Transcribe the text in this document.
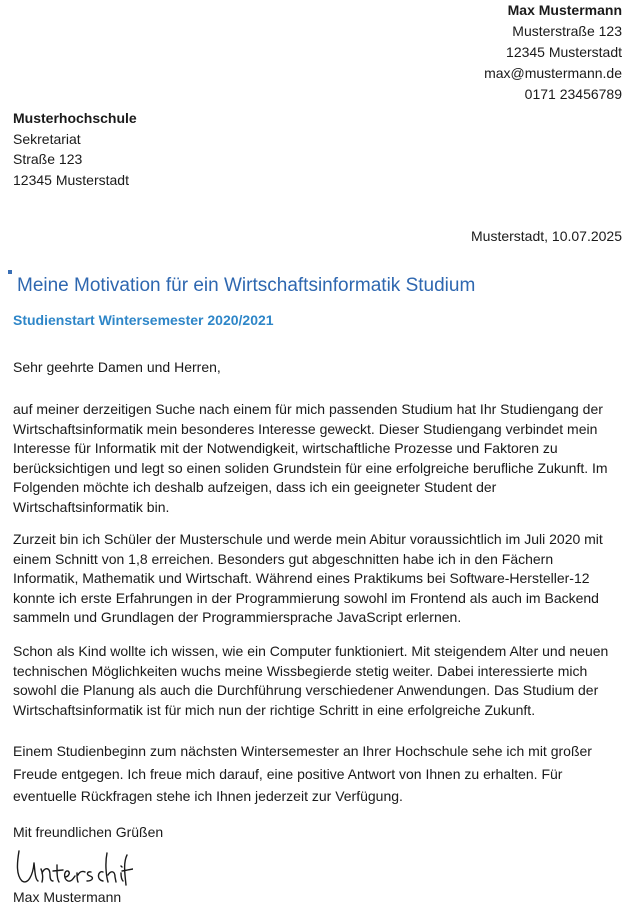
Max Mustermann
Musterstraße 123
12345 Musterstadt
max@mustermann.de
0171 23456789
Musterhochschule
Sekretariat
Straße 123
12345 Musterstadt
Musterstadt, 10.07.2025
Meine Motivation für ein Wirtschaftsinformatik Studium
Studienstart Wintersemester 2020/2021
Sehr geehrte Damen und Herren,
auf meiner derzeitigen Suche nach einem für mich passenden Studium hat Ihr Studiengang der Wirtschaftsinformatik mein besonderes Interesse geweckt. Dieser Studiengang verbindet mein Interesse für Informatik mit der Notwendigkeit, wirtschaftliche Prozesse und Faktoren zu berücksichtigen und legt so einen soliden Grundstein für eine erfolgreiche berufliche Zukunft. Im Folgenden möchte ich deshalb aufzeigen, dass ich ein geeigneter Student der Wirtschaftsinformatik bin.
Zurzeit bin ich Schüler der Musterschule und werde mein Abitur voraussichtlich im Juli 2020 mit einem Schnitt von 1,8 erreichen. Besonders gut abgeschnitten habe ich in den Fächern Informatik, Mathematik und Wirtschaft. Während eines Praktikums bei Software-Hersteller-12 konnte ich erste Erfahrungen in der Programmierung sowohl im Frontend als auch im Backend sammeln und Grundlagen der Programmiersprache JavaScript erlernen.
Schon als Kind wollte ich wissen, wie ein Computer funktioniert. Mit steigendem Alter und neuen technischen Möglichkeiten wuchs meine Wissbegierde stetig weiter. Dabei interessierte mich sowohl die Planung als auch die Durchführung verschiedener Anwendungen. Das Studium der Wirtschaftsinformatik ist für mich nun der richtige Schritt in eine erfolgreiche Zukunft.
Einem Studienbeginn zum nächsten Wintersemester an Ihrer Hochschule sehe ich mit großer Freude entgegen. Ich freue mich darauf, eine positive Antwort von Ihnen zu erhalten. Für eventuelle Rückfragen stehe ich Ihnen jederzeit zur Verfügung.
Mit freundlichen Grüßen
Max Mustermann
